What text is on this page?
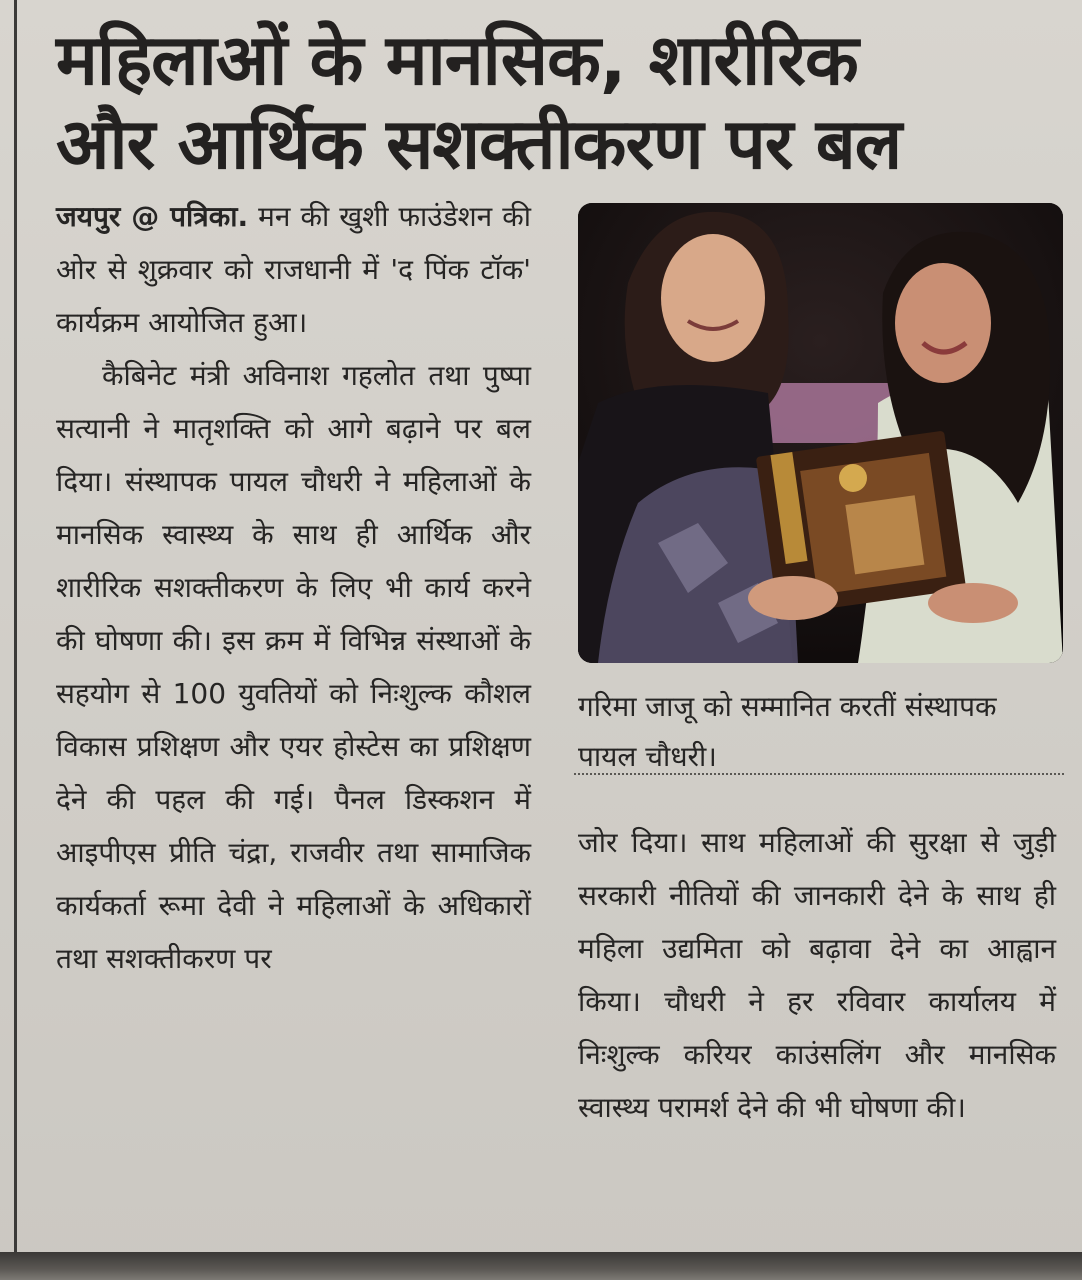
महिलाओं के मानसिक, शारीरिक
और आर्थिक सशक्तीकरण पर बल

जयपुर @ पत्रिका. मन की खुशी फाउंडेशन की ओर से शुक्रवार को राजधानी में 'द पिंक टॉक' कार्यक्रम आयोजित हुआ।

कैबिनेट मंत्री अविनाश गहलोत तथा पुष्पा सत्यानी ने मातृशक्ति को आगे बढ़ाने पर बल दिया। संस्थापक पायल चौधरी ने महिलाओं के मानसिक स्वास्थ्य के साथ ही आर्थिक और शारीरिक सशक्तीकरण के लिए भी कार्य करने की घोषणा की। इस क्रम में विभिन्न संस्थाओं के सहयोग से 100 युवतियों को निःशुल्क कौशल विकास प्रशिक्षण और एयर होस्टेस का प्रशिक्षण देने की पहल की गई। पैनल डिस्कशन में आइपीएस प्रीति चंद्रा, राजवीर तथा सामाजिक कार्यकर्ता रूमा देवी ने महिलाओं के अधिकारों तथा सशक्तीकरण पर

गरिमा जाजू को सम्मानित करतीं संस्थापक पायल चौधरी।

जोर दिया। साथ महिलाओं की सुरक्षा से जुड़ी सरकारी नीतियों की जानकारी देने के साथ ही महिला उद्यमिता को बढ़ावा देने का आह्वान किया। चौधरी ने हर रविवार कार्यालय में निःशुल्क करियर काउंसलिंग और मानसिक स्वास्थ्य परामर्श देने की भी घोषणा की।
